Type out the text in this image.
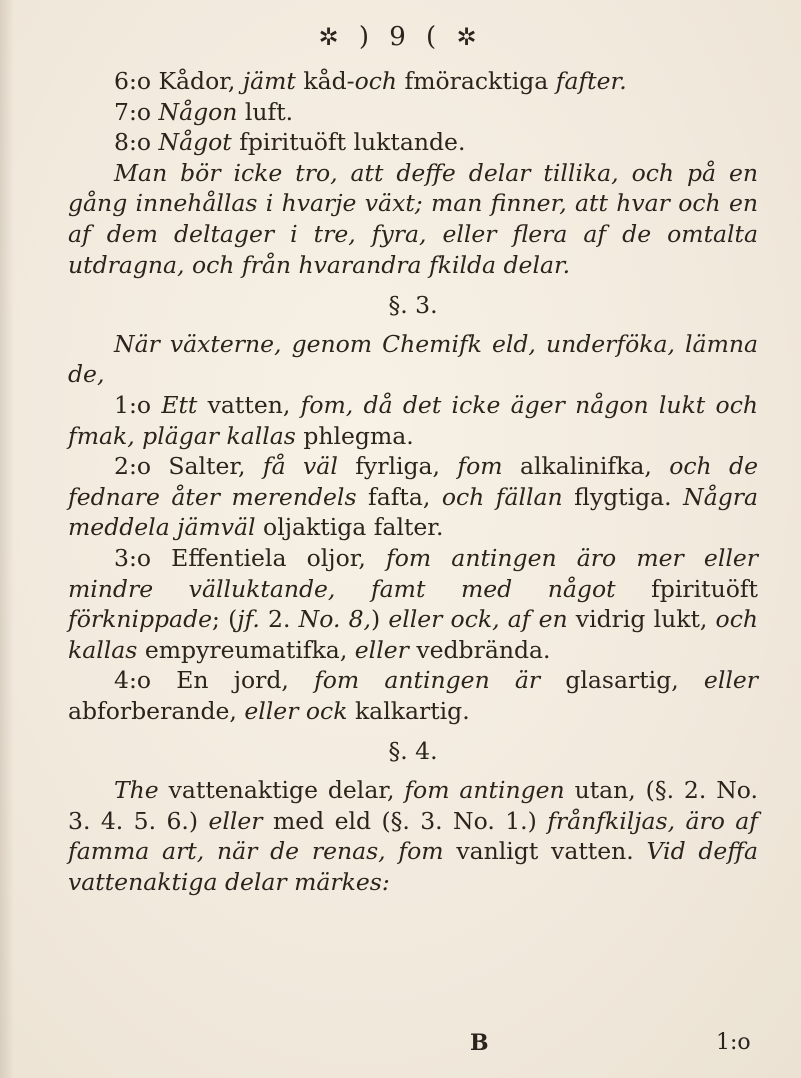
✲ ) 9 ( ✲

6:o Kådor, jämt kåd-och fmöracktiga fafter.

7:o Någon luft.

8:o Något fpirituöft luktande.

Man bör icke tro, att deffe delar tillika, och på en gång innehållas i hvarje växt; man finner, att hvar och en af dem deltager i tre, fyra, eller flera af de omtalta utdragna, och från hvarandra fkilda delar.

§. 3.

När växterne, genom Chemifk eld, underföka, lämna de,

1:o Ett vatten, fom, då det icke äger någon lukt och fmak, plägar kallas phlegma.

2:o Salter, få väl fyrliga, fom alkalinifka, och de fednare åter merendels fafta, och fällan flygtiga. Några meddela jämväl oljaktiga falter.

3:o Effentiela oljor, fom antingen äro mer eller mindre välluktande, famt med något fpirituöft förknippade; (jf. 2. No. 8,) eller ock, af en vidrig lukt, och kallas empyreumatifka, eller vedbrända.

4:o En jord, fom antingen är glasartig, eller abforberande, eller ock kalkartig.

§. 4.

The vattenaktige delar, fom antingen utan, (§. 2. No. 3. 4. 5. 6.) eller med eld (§. 3. No. 1.) frånfkiljas, äro af famma art, när de renas, fom vanligt vatten. Vid deffa vattenaktiga delar märkes:

B	1:o
